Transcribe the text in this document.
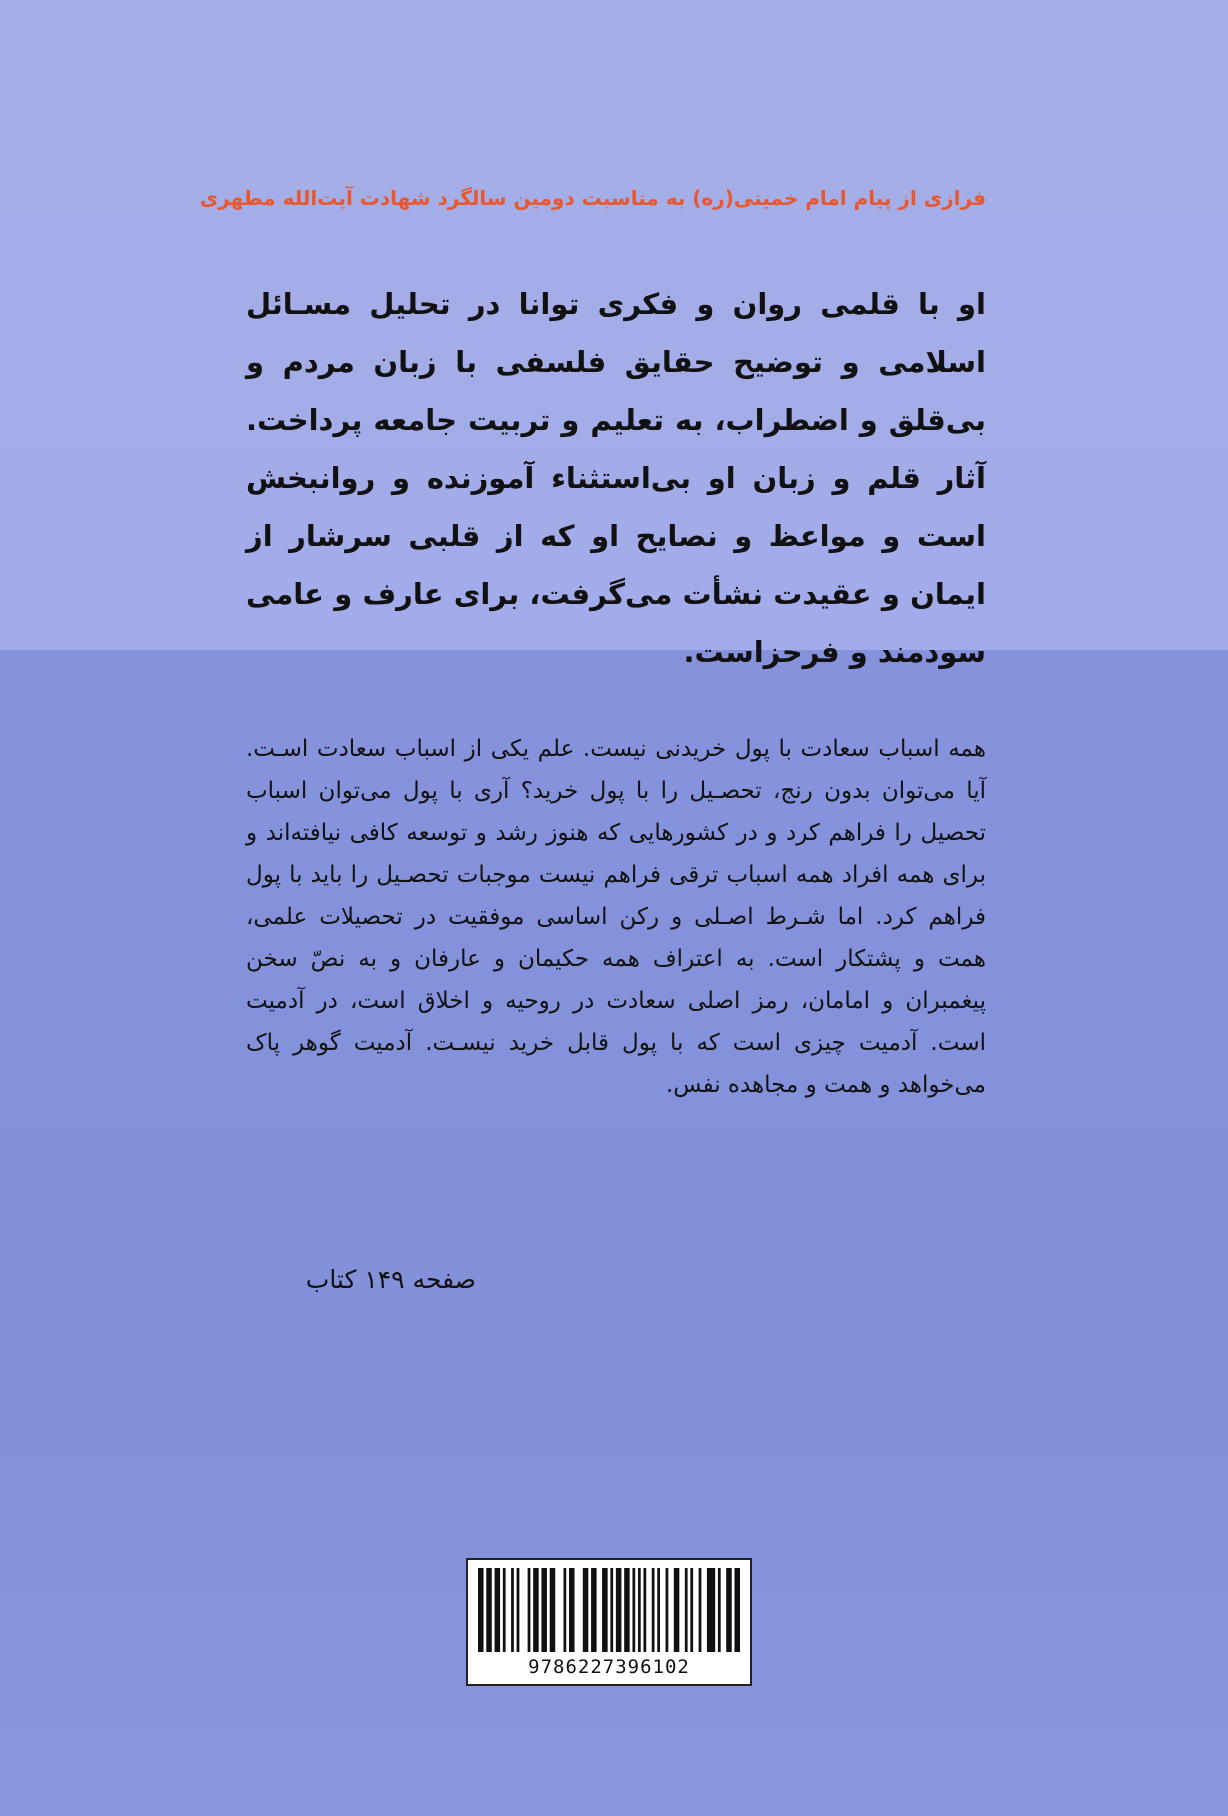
فرازی از پیام امام خمینی(ره) به مناسبت دومین سالگرد شهادت آیت‌الله مطهری

او با قلمی روان و فکری توانا در تحلیل مسـائل اسلامی و توضیح حقایق فلسفی با زبان مردم و بی‌قلق و اضطراب، به تعلیم و تربیت جامعه پرداخت. آثار قلم و زبان او بی‌استثناء آموزنده و روانبخش است و مواعظ و نصایح او که از قلبی سرشار از ایمان و عقیدت نشأت می‌گرفت، برای عارف و عامی سودمند و فرحزاست.

همه اسباب سعادت با پول خریدنی نیست. علم یکی از اسباب سعادت اسـت. آیا می‌توان بدون رنج، تحصـیل را با پول خرید؟ آری با پول می‌توان اسباب تحصیل را فراهم کرد و در کشورهایی که هنوز رشد و توسعه کافی نیافته‌اند و برای همه افراد همه اسباب ترقی فراهم نیست موجبات تحصـیل را باید با پول فراهم کرد. اما شـرط اصـلی و رکن اساسی موفقیت در تحصیلات علمی، همت و پشتکار است. به اعتراف همه حکیمان و عارفان و به نصّ سخن پیغمبران و امامان، رمز اصلی سعادت در روحیه و اخلاق است، در آدمیت است. آدمیت چیزی است که با پول قابل خرید نیسـت. آدمیت گوهر پاک می‌خواهد و همت و مجاهده نفس.

صفحه ۱۴۹ کتاب
9786227396102
